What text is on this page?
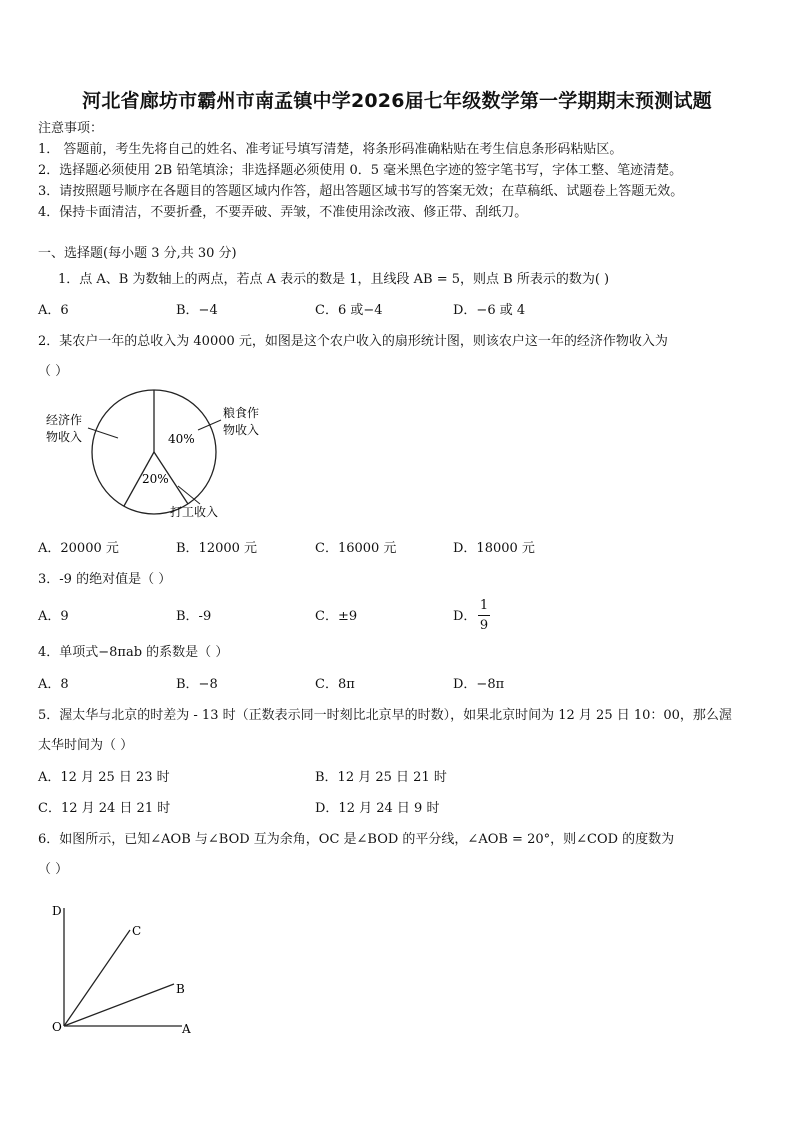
河北省廊坊市霸州市南孟镇中学2026届七年级数学第一学期期末预测试题
注意事项：
1． 答题前，考生先将自己的姓名、准考证号填写清楚，将条形码准确粘贴在考生信息条形码粘贴区。
2．选择题必须使用 2B 铅笔填涂；非选择题必须使用 0．5 毫米黑色字迹的签字笔书写，字体工整、笔迹清楚。
3．请按照题号顺序在各题目的答题区域内作答，超出答题区域书写的答案无效；在草稿纸、试题卷上答题无效。
4．保持卡面清洁，不要折叠，不要弄破、弄皱，不准使用涂改液、修正带、刮纸刀。
一、选择题(每小题 3 分,共 30 分)
1．点 A、B 为数轴上的两点，若点 A 表示的数是 1，且线段 AB = 5，则点 B 所表示的数为( )
A．6	B．−4	C．6 或−4	D．−6 或 4
2．某农户一年的总收入为 40000 元，如图是这个农户收入的扇形统计图，则该农户这一年的经济作物收入为
（ ）
经济作
物收入
粮食作
物收入
40%
20%
打工收入
A．20000 元	B．12000 元	C．16000 元	D．18000 元
3．-9 的绝对值是（ ）
A．9	B．-9	C．±9	D．
1
9
4．单项式−8πab 的系数是（ ）
A．8	B．−8	C．8π	D．−8π
5．渥太华与北京的时差为 - 13 时（正数表示同一时刻比北京早的时数），如果北京时间为 12 月 25 日 10：00，那么渥
太华时间为（ ）
A．12 月 25 日 23 时	B．12 月 25 日 21 时
C．12 月 24 日 21 时	D．12 月 24 日 9 时
6．如图所示，已知∠AOB 与∠BOD 互为余角，OC 是∠BOD 的平分线，∠AOB = 20°，则∠COD 的度数为
（ ）
D
C
B
O	A
